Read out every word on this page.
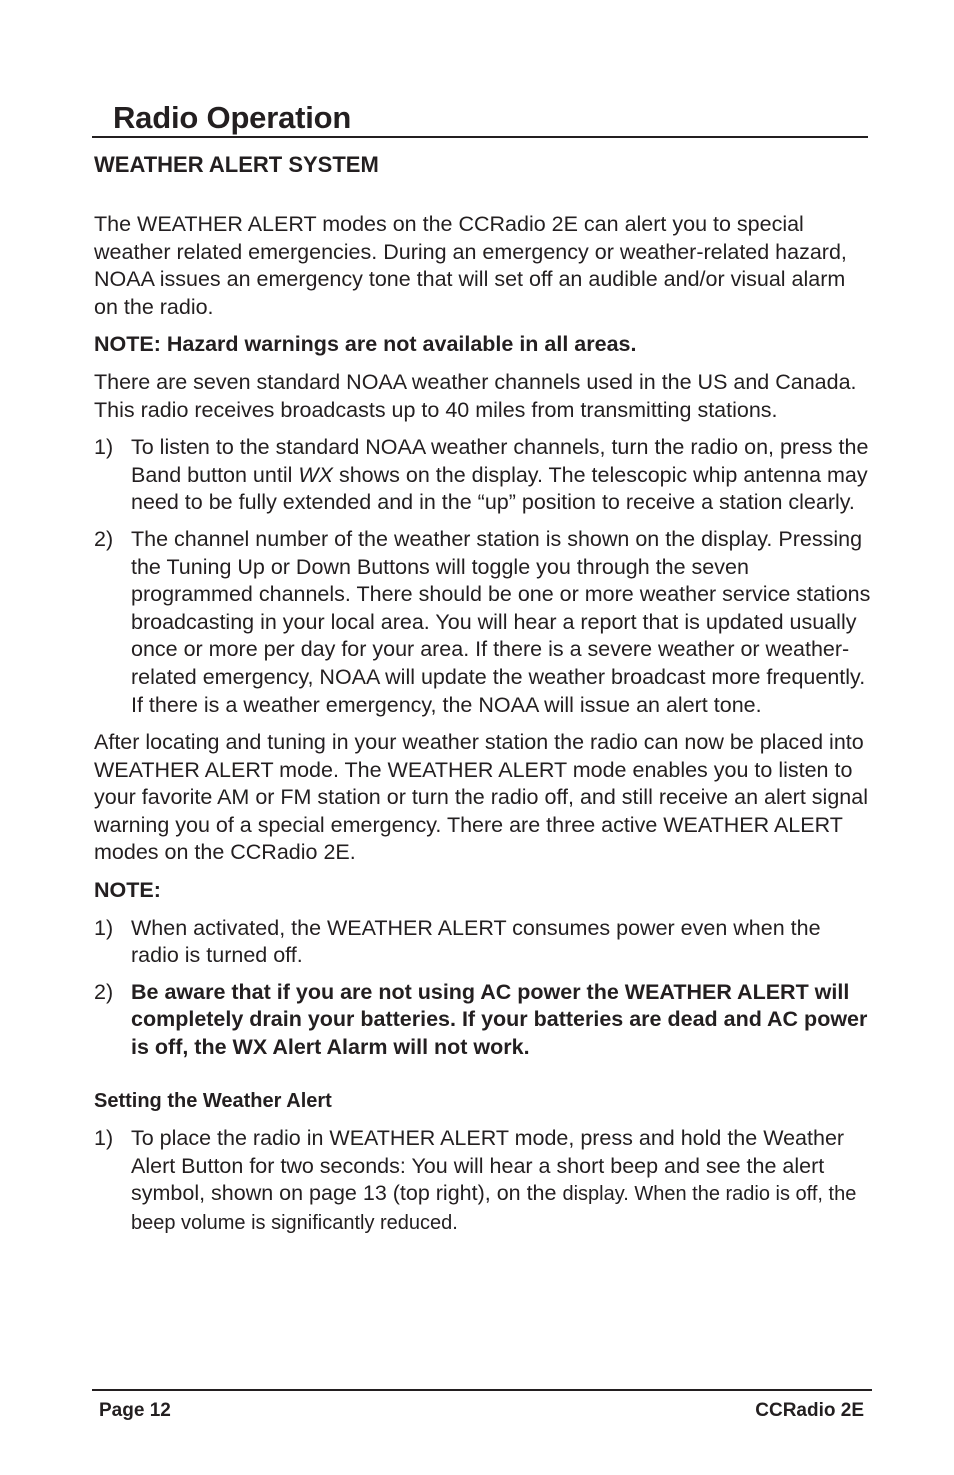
Radio Operation
WEATHER ALERT SYSTEM

The WEATHER ALERT modes on the CCRadio 2E can alert you to special weather related emergencies. During an emergency or weather-related hazard, NOAA issues an emergency tone that will set off an audible and/or visual alarm on the radio.

NOTE: Hazard warnings are not available in all areas.

There are seven standard NOAA weather channels used in the US and Canada. This radio receives broadcasts up to 40 miles from transmitting stations.

1) To listen to the standard NOAA weather channels, turn the radio on, press the Band button until WX shows on the display. The telescopic whip antenna may need to be fully extended and in the “up” position to receive a station clearly.
2) The channel number of the weather station is shown on the display. Pressing the Tuning Up or Down Buttons will toggle you through the seven programmed channels. There should be one or more weather service stations broadcasting in your local area. You will hear a report that is updated usually once or more per day for your area. If there is a severe weather or weather-related emergency, NOAA will update the weather broadcast more frequently. If there is a weather emergency, the NOAA will issue an alert tone.

After locating and tuning in your weather station the radio can now be placed into WEATHER ALERT mode. The WEATHER ALERT mode enables you to listen to your favorite AM or FM station or turn the radio off, and still receive an alert signal warning you of a special emergency. There are three active WEATHER ALERT modes on the CCRadio 2E.

NOTE:

1) When activated, the WEATHER ALERT consumes power even when the radio is turned off.
2) Be aware that if you are not using AC power the WEATHER ALERT will completely drain your batteries. If your batteries are dead and AC power is off, the WX Alert Alarm will not work.
Setting the Weather Alert
1) To place the radio in WEATHER ALERT mode, press and hold the Weather Alert Button for two seconds: You will hear a short beep and see the alert symbol, shown on page 13 (top right), on the display. When the radio is off, the beep volume is significantly reduced.
Page 12	CCRadio 2E
